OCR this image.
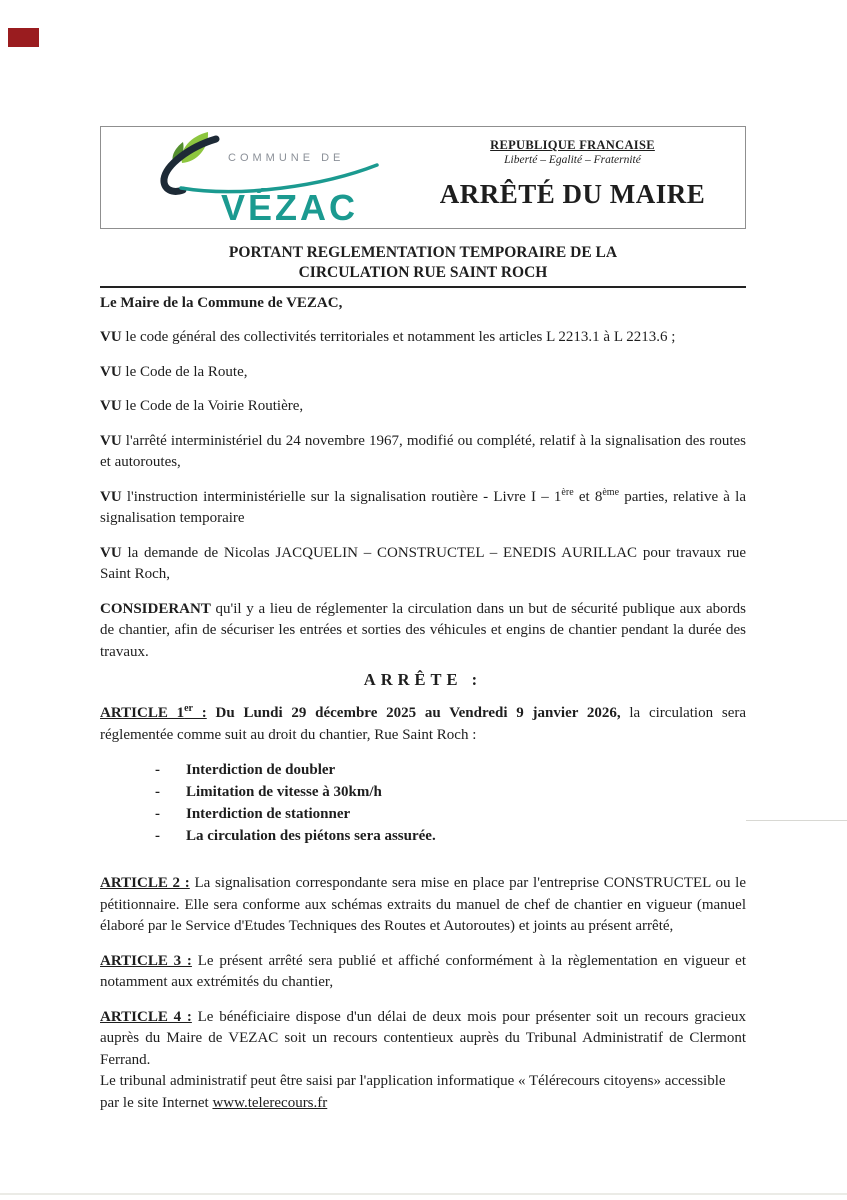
COMMUNE DE
VÉZAC
REPUBLIQUE FRANCAISE
Liberté – Egalité – Fraternité
ARRÊTÉ DU MAIRE
PORTANT REGLEMENTATION TEMPORAIRE DE LA
CIRCULATION RUE SAINT ROCH

Le Maire de la Commune de VEZAC,

VU le code général des collectivités territoriales et notamment les articles L 2213.1 à L 2213.6 ;

VU le Code de la Route,

VU le Code de la Voirie Routière,

VU l'arrêté interministériel du 24 novembre 1967, modifié ou complété, relatif à la signalisation des routes et autoroutes,

VU l'instruction interministérielle sur la signalisation routière - Livre I – 1ère et 8ème parties, relative à la signalisation temporaire

VU la demande de Nicolas JACQUELIN – CONSTRUCTEL – ENEDIS AURILLAC pour travaux rue Saint Roch,

CONSIDERANT qu'il y a lieu de réglementer la circulation dans un but de sécurité publique aux abords de chantier, afin de sécuriser les entrées et sorties des véhicules et engins de chantier pendant la durée des travaux.

ARRÊTE :

ARTICLE 1er : Du Lundi 29 décembre 2025 au Vendredi 9 janvier 2026, la circulation sera réglementée comme suit au droit du chantier, Rue Saint Roch :

-	Interdiction de doubler
-	Limitation de vitesse à 30km/h
-	Interdiction de stationner
-	La circulation des piétons sera assurée.

ARTICLE 2 : La signalisation correspondante sera mise en place par l'entreprise CONSTRUCTEL ou le pétitionnaire. Elle sera conforme aux schémas extraits du manuel de chef de chantier en vigueur (manuel élaboré par le Service d'Etudes Techniques des Routes et Autoroutes) et joints au présent arrêté,

ARTICLE 3 : Le présent arrêté sera publié et affiché conformément à la règlementation en vigueur et notamment aux extrémités du chantier,

ARTICLE 4 : Le bénéficiaire dispose d'un délai de deux mois pour présenter soit un recours gracieux auprès du Maire de VEZAC soit un recours contentieux auprès du Tribunal Administratif de Clermont Ferrand.

Le tribunal administratif peut être saisi par l'application informatique « Télérecours citoyens» accessible par le site Internet www.telerecours.fr
